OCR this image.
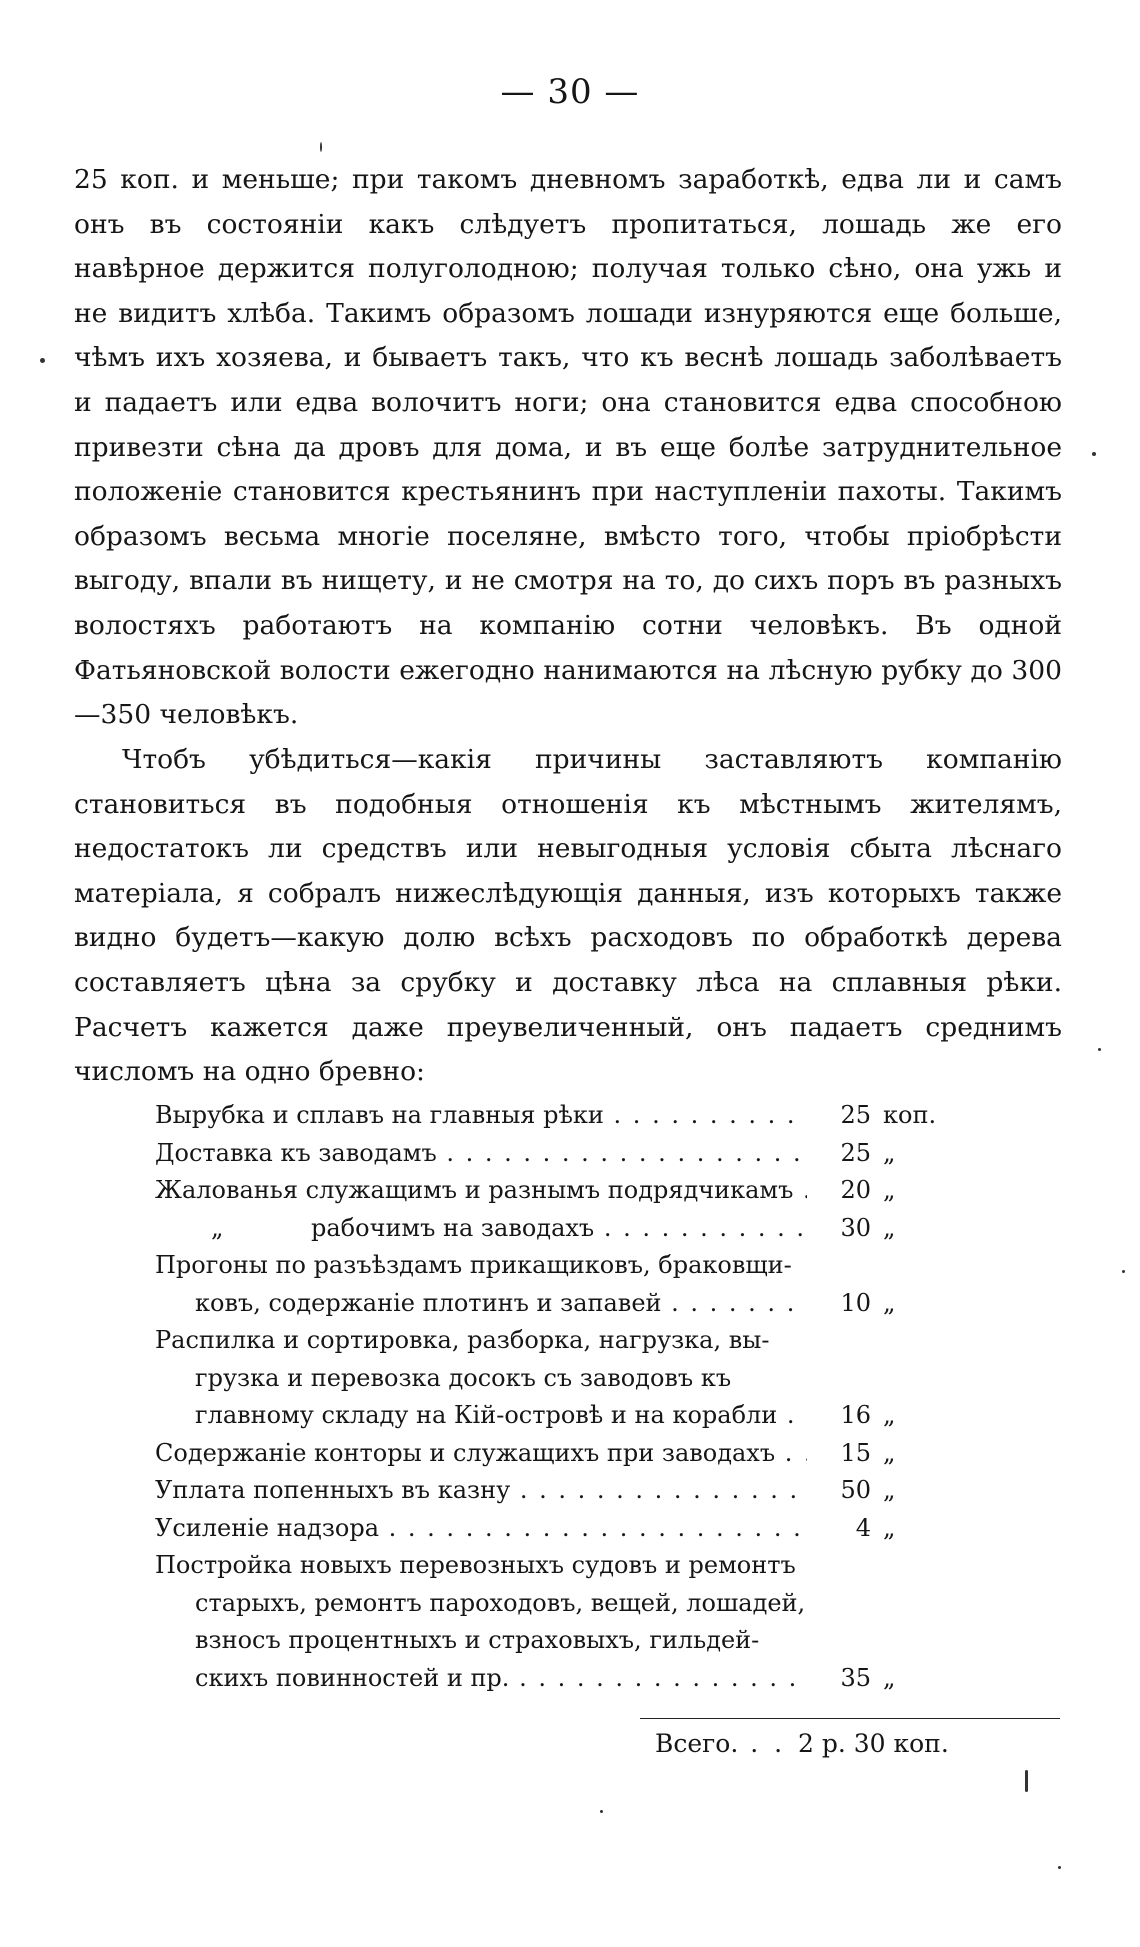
— 30 —

25 коп. и меньше; при такомъ дневномъ заработкѣ, едва ли и самъ онъ въ состояніи какъ слѣдуетъ пропитаться, лошадь же его навѣрное держится полуголодною; получая только сѣно, она ужь и не видитъ хлѣба. Такимъ образомъ лошади изнуряются еще больше, чѣмъ ихъ хозяева, и бываетъ такъ, что къ веснѣ лошадь заболѣваетъ и падаетъ или едва волочитъ ноги; она становится едва способною привезти сѣна да дровъ для дома, и въ еще болѣе затруднительное положеніе становится крестьянинъ при наступленіи пахоты. Такимъ образомъ весьма многіе поселяне, вмѣсто того, чтобы пріобрѣсти выгоду, впали въ нищету, и не смотря на то, до сихъ поръ въ разныхъ волостяхъ работаютъ на компанію сотни человѣкъ. Въ одной Фатьяновской волости ежегодно нанимаются на лѣсную рубку до 300—350 человѣкъ.

Чтобъ убѣдиться—какія причины заставляютъ компанію становиться въ подобныя отношенія къ мѣстнымъ жителямъ, недостатокъ ли средствъ или невыгодныя условія сбыта лѣснаго матеріала, я собралъ нижеслѣдующія данныя, изъ которыхъ также видно будетъ—какую долю всѣхъ расходовъ по обработкѣ дерева составляетъ цѣна за срубку и доставку лѣса на сплавныя рѣки. Расчетъ кажется даже преувеличенный, онъ падаетъ среднимъ числомъ на одно бревно:

Вырубка и сплавъ на главныя рѣки . . .	25 коп.
Доставка къ заводамъ . . .	25 „
Жалованья служащимъ и разнымъ подрядчикамъ . . .	20 „
„	рабочимъ на заводахъ . . .	30 „
Прогоны по разъѣздамъ прикащиковъ, браковщи-
ковъ, содержаніе плотинъ и запавей . . .	10 „
Распилка и сортировка, разборка, нагрузка, вы-
грузка и перевозка досокъ съ заводовъ къ
главному складу на Кій-островѣ и на корабли . . .	16 „
Содержаніе конторы и служащихъ при заводахъ . . .	15 „
Уплата попенныхъ въ казну . . .	50 „
Усиленіе надзора . . .	4 „
Постройка новыхъ перевозныхъ судовъ и ремонтъ
старыхъ, ремонтъ пароходовъ, вещей, лошадей,
взносъ процентныхъ и страховыхъ, гильдей-
скихъ повинностей и пр. . . .	35 „
Всего. . . 2 р. 30 коп.
